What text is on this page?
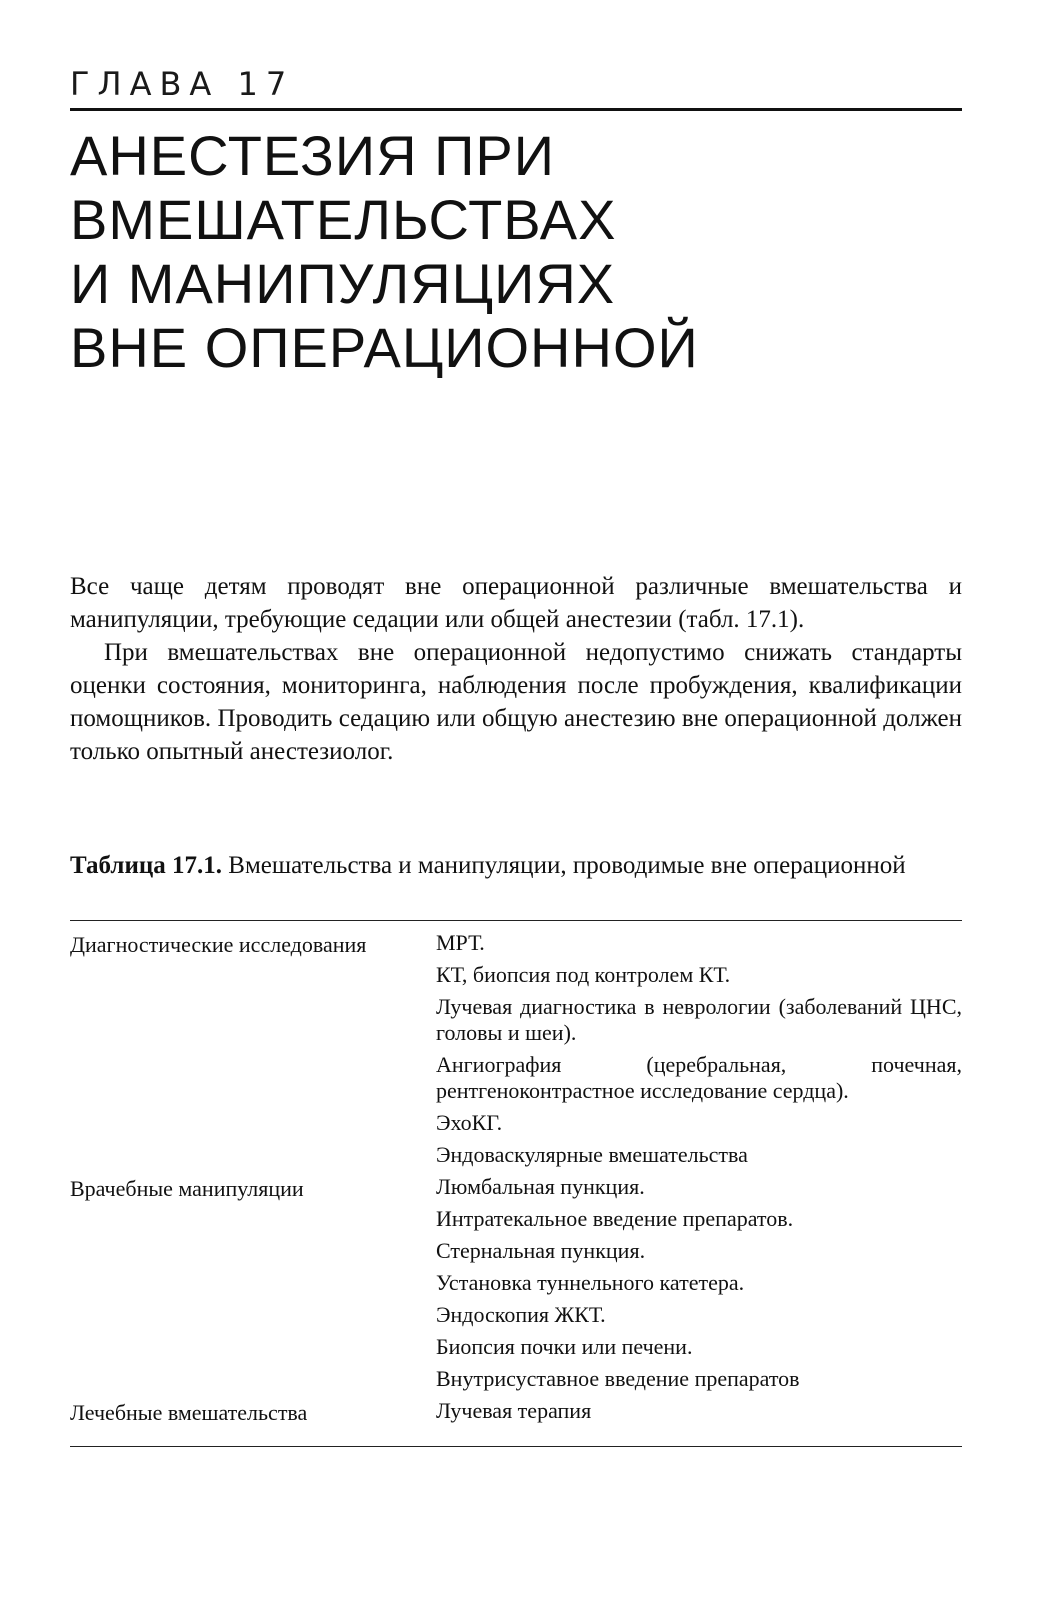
ГЛАВА 17
АНЕСТЕЗИЯ ПРИ
ВМЕШАТЕЛЬСТВАХ
И МАНИПУЛЯЦИЯХ
ВНЕ ОПЕРАЦИОННОЙ

Все чаще детям проводят вне операционной различные вмешательства и манипуляции, требующие седации или общей анестезии (табл. 17.1).

При вмешательствах вне операционной недопустимо снижать стандарты оценки состояния, мониторинга, наблюдения после пробуждения, квалификации помощников. Проводить седацию или общую анестезию вне операционной должен только опытный анестезиолог.

Таблица 17.1. Вмешательства и манипуляции, проводимые вне операционной
Диагностические исследования	МРТ.
КТ, биопсия под контролем КТ.
Лучевая диагностика в неврологии (заболеваний ЦНС, головы и шеи).
Ангиография (церебральная, почечная, рентгеноконтрастное исследование сердца).
ЭхоКГ.
Эндоваскулярные вмешательства
Врачебные манипуляции	Люмбальная пункция.
Интратекальное введение препаратов.
Стернальная пункция.
Установка туннельного катетера.
Эндоскопия ЖКТ.
Биопсия почки или печени.
Внутрисуставное введение препаратов
Лечебные вмешательства	Лучевая терапия
